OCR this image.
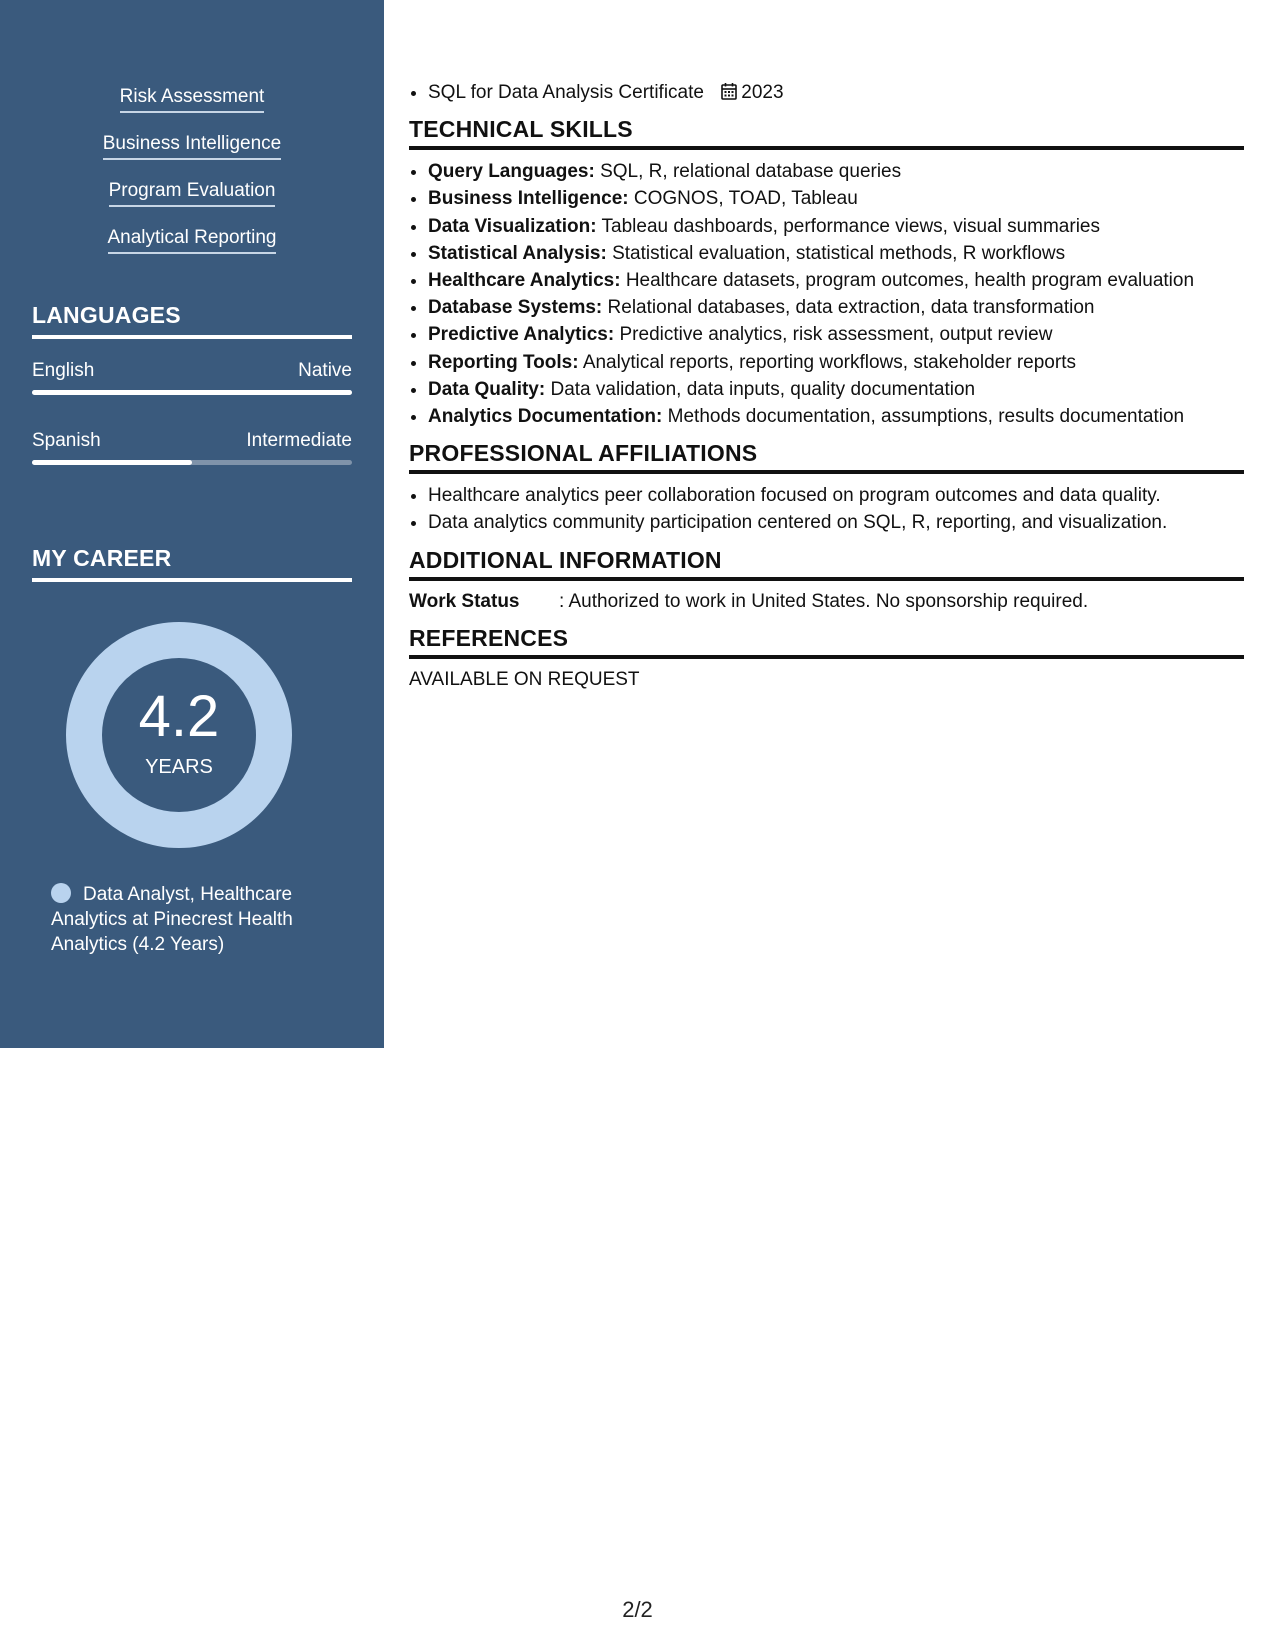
Risk Assessment
Business Intelligence
Program Evaluation
Analytical Reporting
LANGUAGES
English	Native
Spanish	Intermediate
MY CAREER
4.2
YEARS
Data Analyst, Healthcare Analytics at Pinecrest Health Analytics (4.2 Years)
• SQL for Data Analysis Certificate 2023
TECHNICAL SKILLS
• Query Languages: SQL, R, relational database queries
• Business Intelligence: COGNOS, TOAD, Tableau
• Data Visualization: Tableau dashboards, performance views, visual summaries
• Statistical Analysis: Statistical evaluation, statistical methods, R workflows
• Healthcare Analytics: Healthcare datasets, program outcomes, health program evaluation
• Database Systems: Relational databases, data extraction, data transformation
• Predictive Analytics: Predictive analytics, risk assessment, output review
• Reporting Tools: Analytical reports, reporting workflows, stakeholder reports
• Data Quality: Data validation, data inputs, quality documentation
• Analytics Documentation: Methods documentation, assumptions, results documentation
PROFESSIONAL AFFILIATIONS
• Healthcare analytics peer collaboration focused on program outcomes and data quality.
• Data analytics community participation centered on SQL, R, reporting, and visualization.
ADDITIONAL INFORMATION
Work Status	: Authorized to work in United States. No sponsorship required.
REFERENCES
AVAILABLE ON REQUEST
2/2
